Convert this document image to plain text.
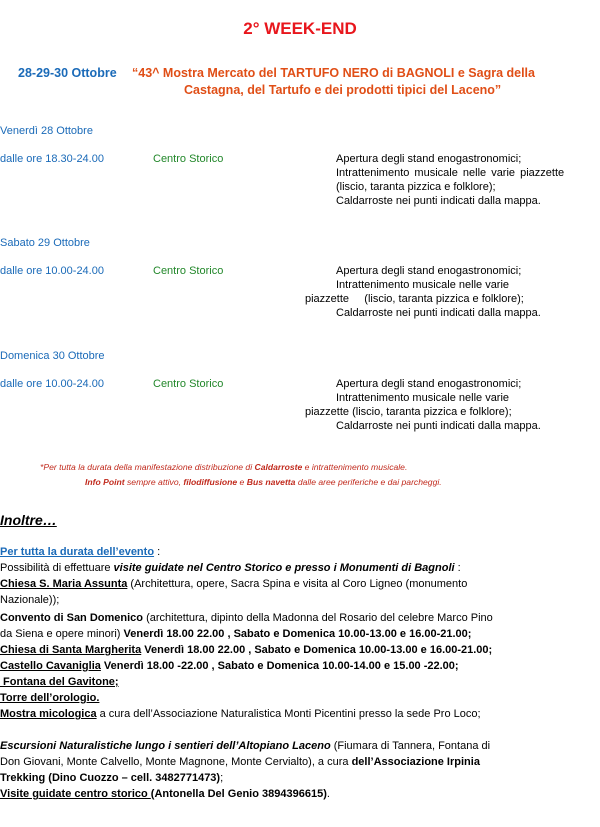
2° WEEK-END
28-29-30 Ottobre “43^ Mostra Mercato del TARTUFO NERO di BAGNOLI e Sagra della
Castagna, del Tartufo e dei prodotti tipici del Laceno”
Venerdì 28 Ottobre
dalle ore 18.30-24.00	Centro Storico	Apertura degli stand enogastronomici;
Intrattenimento musicale nelle varie piazzette
(liscio, taranta pizzica e folklore);
Caldarroste nei punti indicati dalla mappa.
Sabato 29 Ottobre
dalle ore 10.00-24.00	Centro Storico	Apertura degli stand enogastronomici;
Intrattenimento musicale nelle varie
piazzette     (liscio, taranta pizzica e folklore);
Caldarroste nei punti indicati dalla mappa.
Domenica 30 Ottobre
dalle ore 10.00-24.00	Centro Storico	Apertura degli stand enogastronomici;
Intrattenimento musicale nelle varie
piazzette (liscio, taranta pizzica e folklore);
Caldarroste nei punti indicati dalla mappa.
*Per tutta la durata della manifestazione distribuzione di Caldarroste e intrattenimento musicale.
Info Point sempre attivo, filodiffusione e Bus navetta dalle aree periferiche e dai parcheggi.
Inoltre…
Per tutta la durata dell’evento :
Possibilità di effettuare visite guidate nel Centro Storico e presso i Monumenti di Bagnoli :
Chiesa S. Maria Assunta (Architettura, opere, Sacra Spina e visita al Coro Ligneo (monumento
Nazionale));
Convento di San Domenico (architettura, dipinto della Madonna del Rosario del celebre Marco Pino
da Siena e opere minori) Venerdì 18.00 22.00 , Sabato e Domenica 10.00-13.00 e 16.00-21.00;
Chiesa di Santa Margherita Venerdì 18.00 22.00 , Sabato e Domenica 10.00-13.00 e 16.00-21.00;
Castello Cavaniglia Venerdì 18.00 -22.00 , Sabato e Domenica 10.00-14.00 e 15.00 -22.00;
Fontana del Gavitone;
Torre dell’orologio.
Mostra micologica a cura dell’Associazione Naturalistica Monti Picentini presso la sede Pro Loco;
Escursioni Naturalistiche lungo i sentieri dell’Altopiano Laceno (Fiumara di Tannera, Fontana di
Don Giovani, Monte Calvello, Monte Magnone, Monte Cervialto), a cura dell’Associazione Irpinia
Trekking (Dino Cuozzo – cell. 3482771473);
Visite guidate centro storico (Antonella Del Genio 3894396615).
